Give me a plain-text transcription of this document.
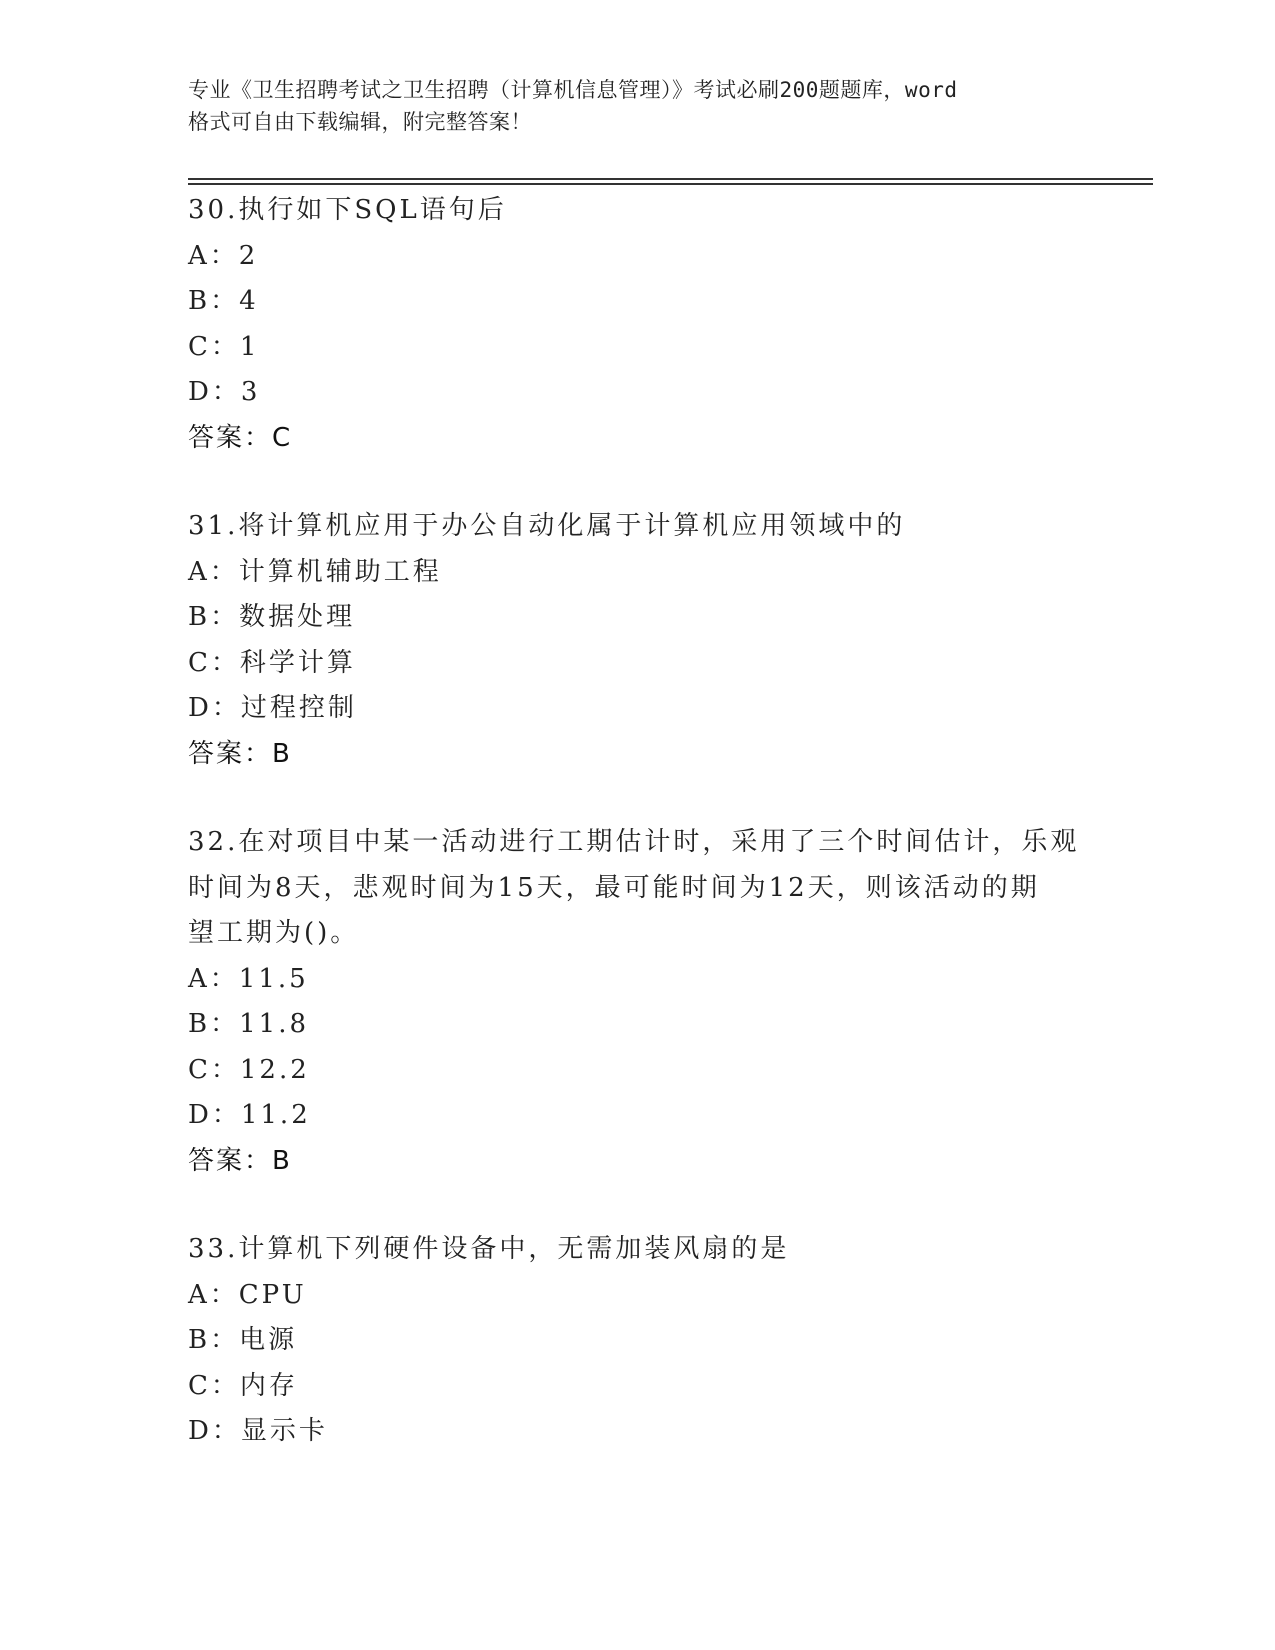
专业《卫生招聘考试之卫生招聘（计算机信息管理）》考试必刷200题题库，word
格式可自由下载编辑，附完整答案！
30.执行如下SQL语句后
A：2
B：4
C：1
D：3
答案：C
31.将计算机应用于办公自动化属于计算机应用领域中的
A：计算机辅助工程
B：数据处理
C：科学计算
D：过程控制
答案：B
32.在对项目中某一活动进行工期估计时，采用了三个时间估计，乐观
时间为8天，悲观时间为15天，最可能时间为12天，则该活动的期
望工期为()。
A：11.5
B：11.8
C：12.2
D：11.2
答案：B
33.计算机下列硬件设备中，无需加装风扇的是
A：CPU
B：电源
C：内存
D：显示卡
